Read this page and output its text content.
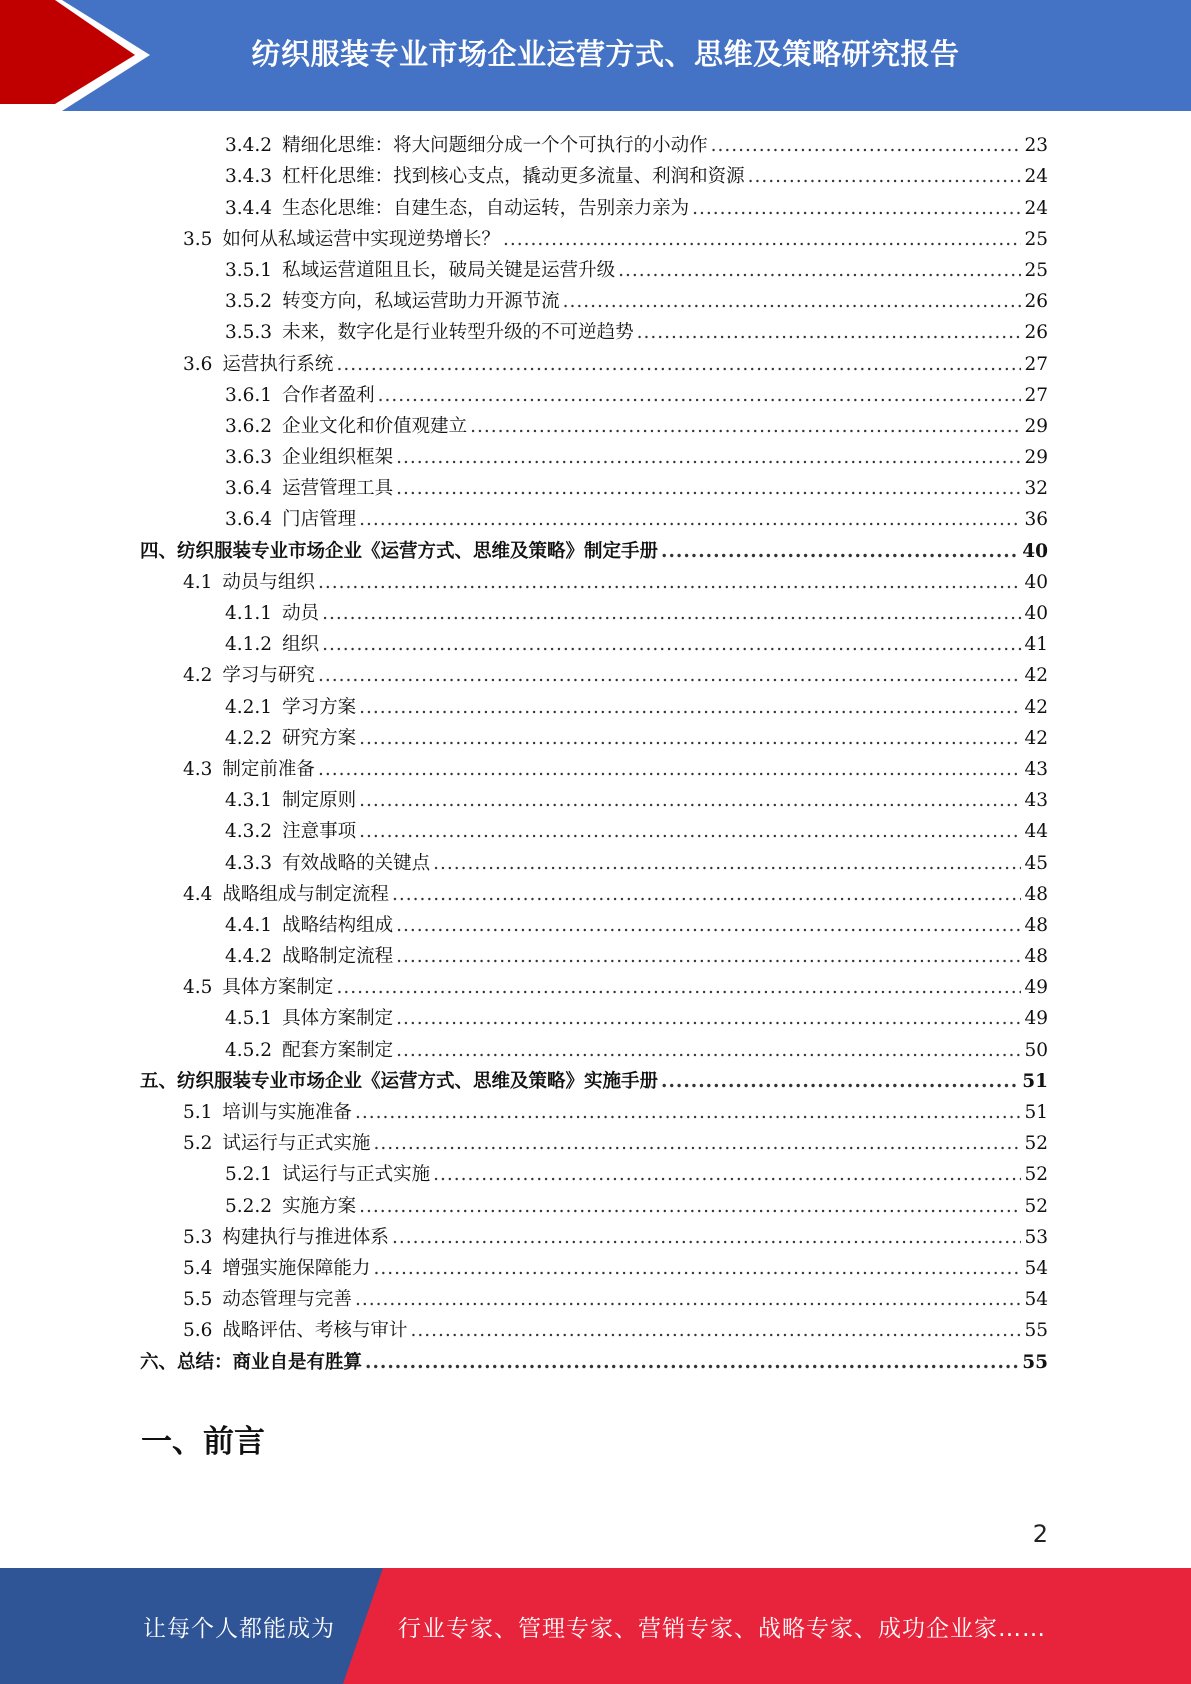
纺织服装专业市场企业运营方式、思维及策略研究报告
3.4.2 精细化思维：将大问题细分成一个个可执行的小动作 .....	23
3.4.3 杠杆化思维：找到核心支点，撬动更多流量、利润和资源 .....	24
3.4.4 生态化思维：自建生态，自动运转，告别亲力亲为 .....	24
3.5 如何从私域运营中实现逆势增长？ .....	25
3.5.1 私域运营道阻且长，破局关键是运营升级 .....	25
3.5.2 转变方向，私域运营助力开源节流 .....	26
3.5.3 未来，数字化是行业转型升级的不可逆趋势 .....	26
3.6 运营执行系统 .....	27
3.6.1 合作者盈利 .....	27
3.6.2 企业文化和价值观建立 .....	29
3.6.3 企业组织框架 .....	29
3.6.4 运营管理工具 .....	32
3.6.4 门店管理 .....	36
四、纺织服装专业市场企业《运营方式、思维及策略》制定手册 .....	40
4.1 动员与组织 .....	40
4.1.1 动员 .....	40
4.1.2 组织 .....	41
4.2 学习与研究 .....	42
4.2.1 学习方案 .....	42
4.2.2 研究方案 .....	42
4.3 制定前准备 .....	43
4.3.1 制定原则 .....	43
4.3.2 注意事项 .....	44
4.3.3 有效战略的关键点 .....	45
4.4 战略组成与制定流程 .....	48
4.4.1 战略结构组成 .....	48
4.4.2 战略制定流程 .....	48
4.5 具体方案制定 .....	49
4.5.1 具体方案制定 .....	49
4.5.2 配套方案制定 .....	50
五、纺织服装专业市场企业《运营方式、思维及策略》实施手册 .....	51
5.1 培训与实施准备 .....	51
5.2 试运行与正式实施 .....	52
5.2.1 试运行与正式实施 .....	52
5.2.2 实施方案 .....	52
5.3 构建执行与推进体系 .....	53
5.4 增强实施保障能力 .....	54
5.5 动态管理与完善 .....	54
5.6 战略评估、考核与审计 .....	55
六、总结：商业自是有胜算 .....	55
一、前言
2
让每个人都能成为	行业专家、管理专家、营销专家、战略专家、成功企业家……
